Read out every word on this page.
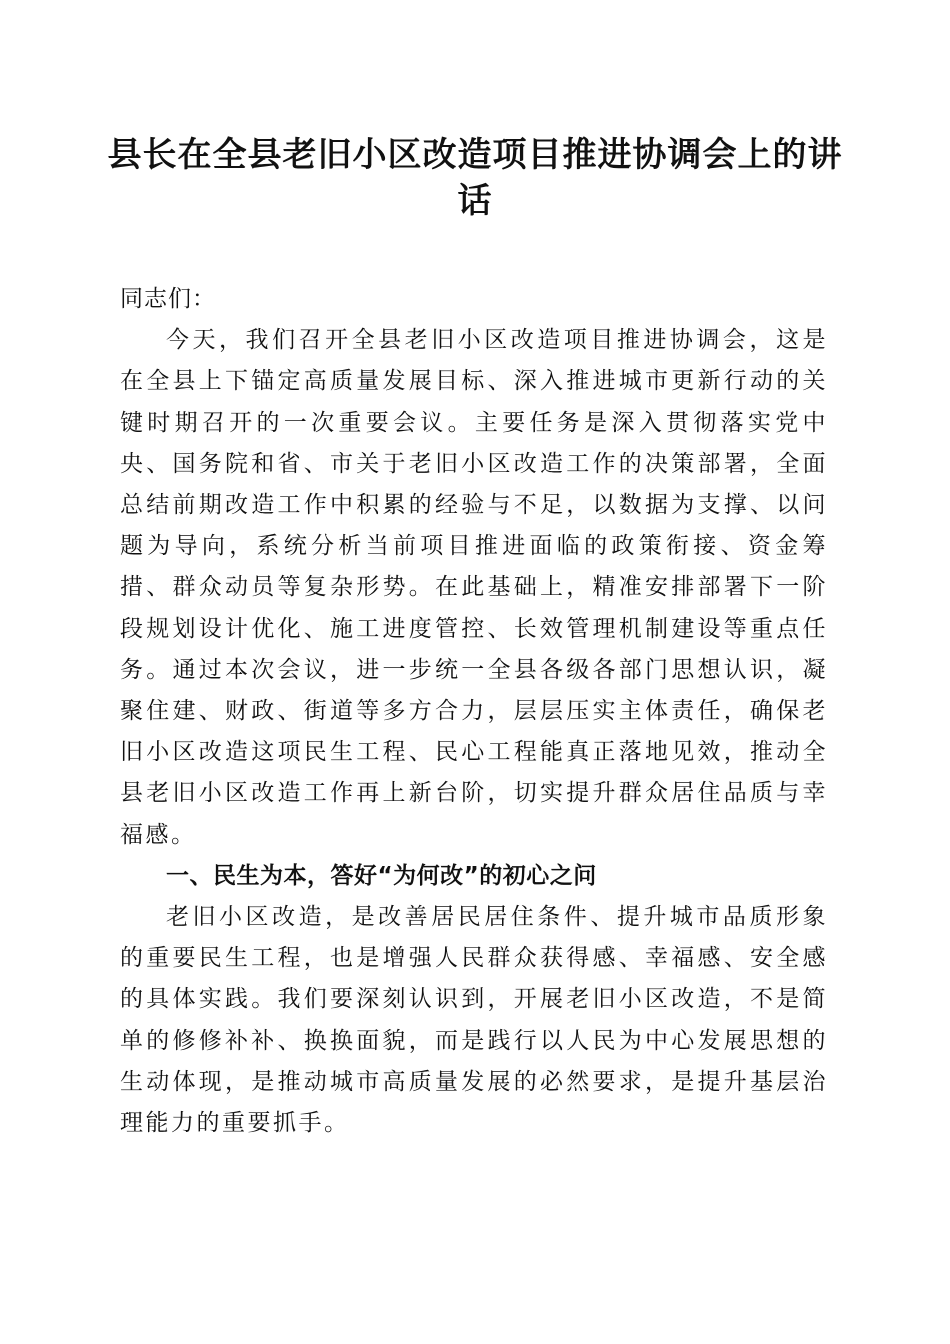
县长在全县老旧小区改造项目推进协调会上的讲话

同志们：

今天，我们召开全县老旧小区改造项目推进协调会，这是在全县上下锚定高质量发展目标、深入推进城市更新行动的关键时期召开的一次重要会议。主要任务是深入贯彻落实党中央、国务院和省、市关于老旧小区改造工作的决策部署，全面总结前期改造工作中积累的经验与不足，以数据为支撑、以问题为导向，系统分析当前项目推进面临的政策衔接、资金筹措、群众动员等复杂形势。在此基础上，精准安排部署下一阶段规划设计优化、施工进度管控、长效管理机制建设等重点任务。通过本次会议，进一步统一全县各级各部门思想认识，凝聚住建、财政、街道等多方合力，层层压实主体责任，确保老旧小区改造这项民生工程、民心工程能真正落地见效，推动全县老旧小区改造工作再上新台阶，切实提升群众居住品质与幸福感。

一、民生为本，答好“为何改”的初心之问

老旧小区改造，是改善居民居住条件、提升城市品质形象的重要民生工程，也是增强人民群众获得感、幸福感、安全感的具体实践。我们要深刻认识到，开展老旧小区改造，不是简单的修修补补、换换面貌，而是践行以人民为中心发展思想的生动体现，是推动城市高质量发展的必然要求，是提升基层治理能力的重要抓手。
